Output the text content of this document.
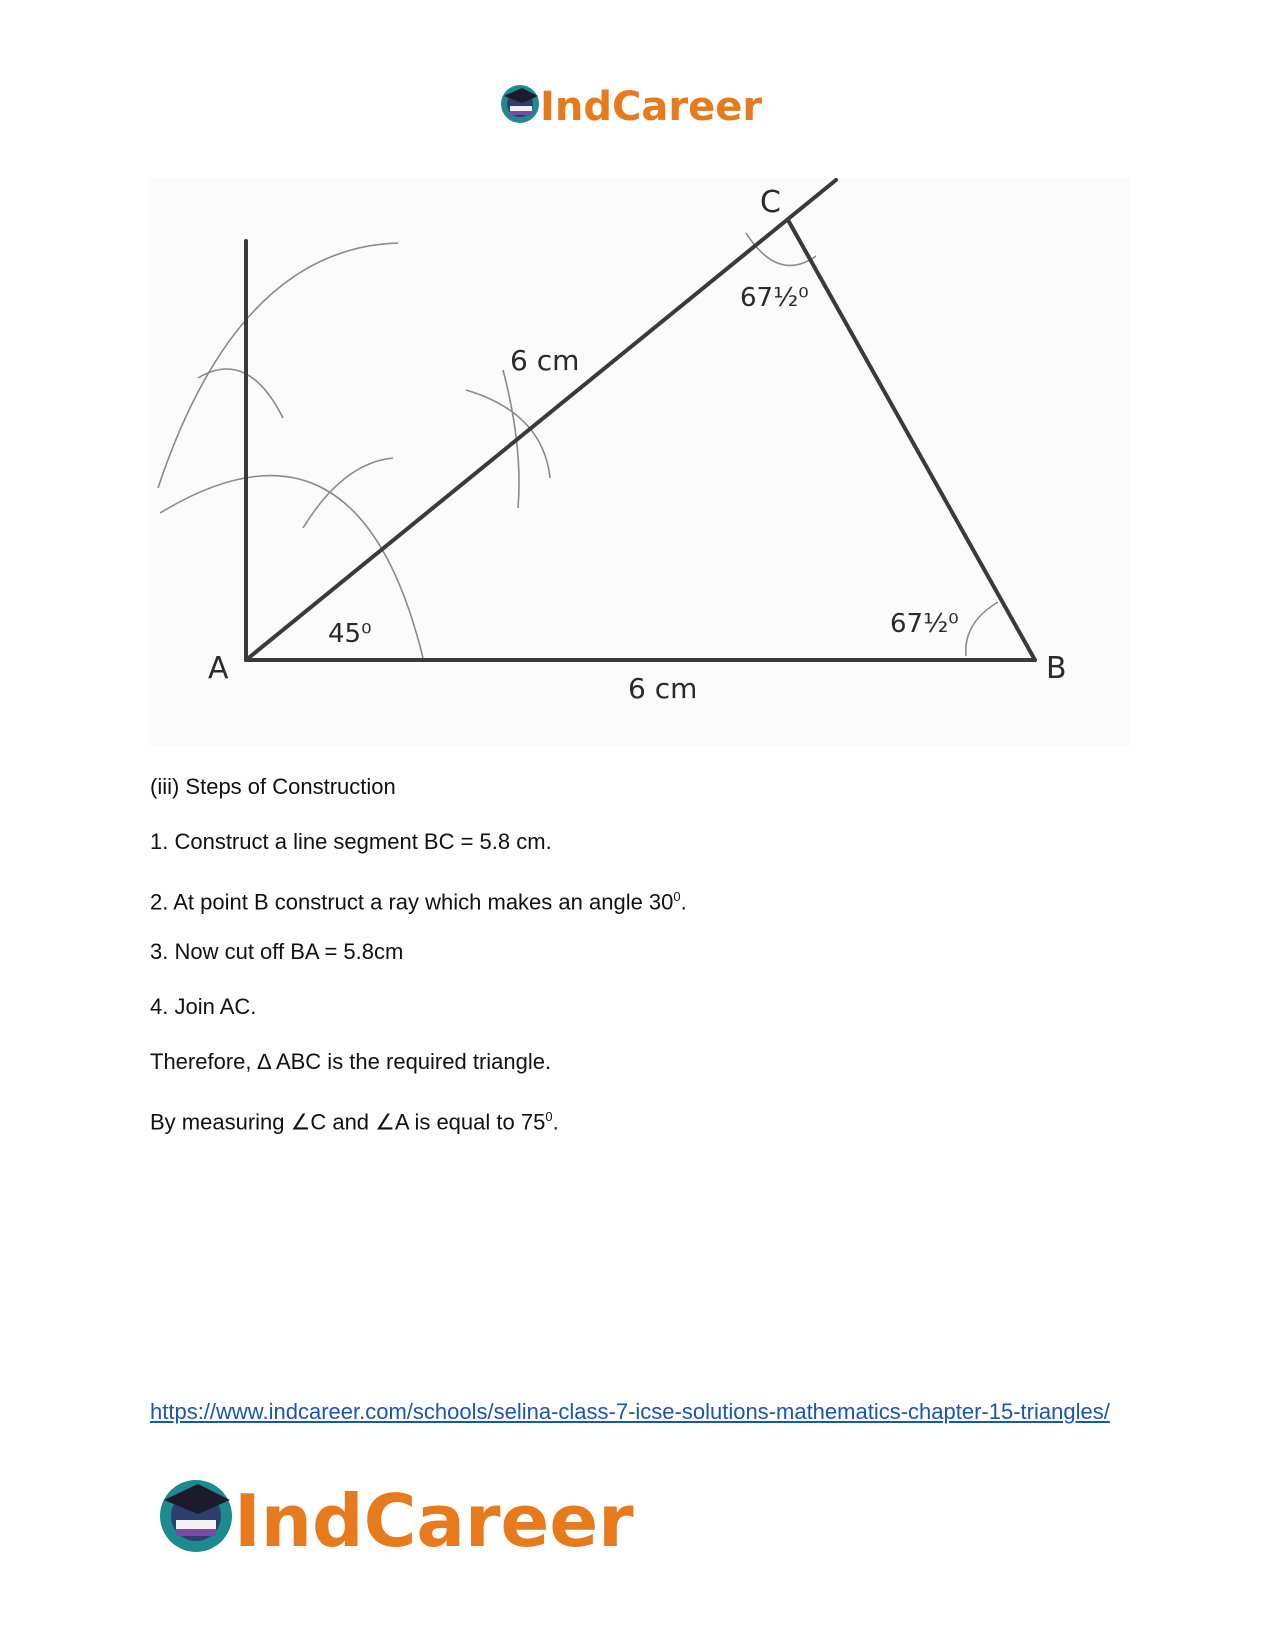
IndCareer
A	B
C
6 cm
6 cm
45⁰
67½⁰
67½⁰

(iii) Steps of Construction

1. Construct a line segment BC = 5.8 cm.

2. At point B construct a ray which makes an angle $30^0$.

3. Now cut off BA = 5.8cm

4. Join AC.

Therefore, ∆ ABC is the required triangle.

By measuring ∠C and ∠A is equal to $75^0$.

https://www.indcareer.com/schools/selina-class-7-icse-solutions-mathematics-chapter-15-triangles/
IndCareer
